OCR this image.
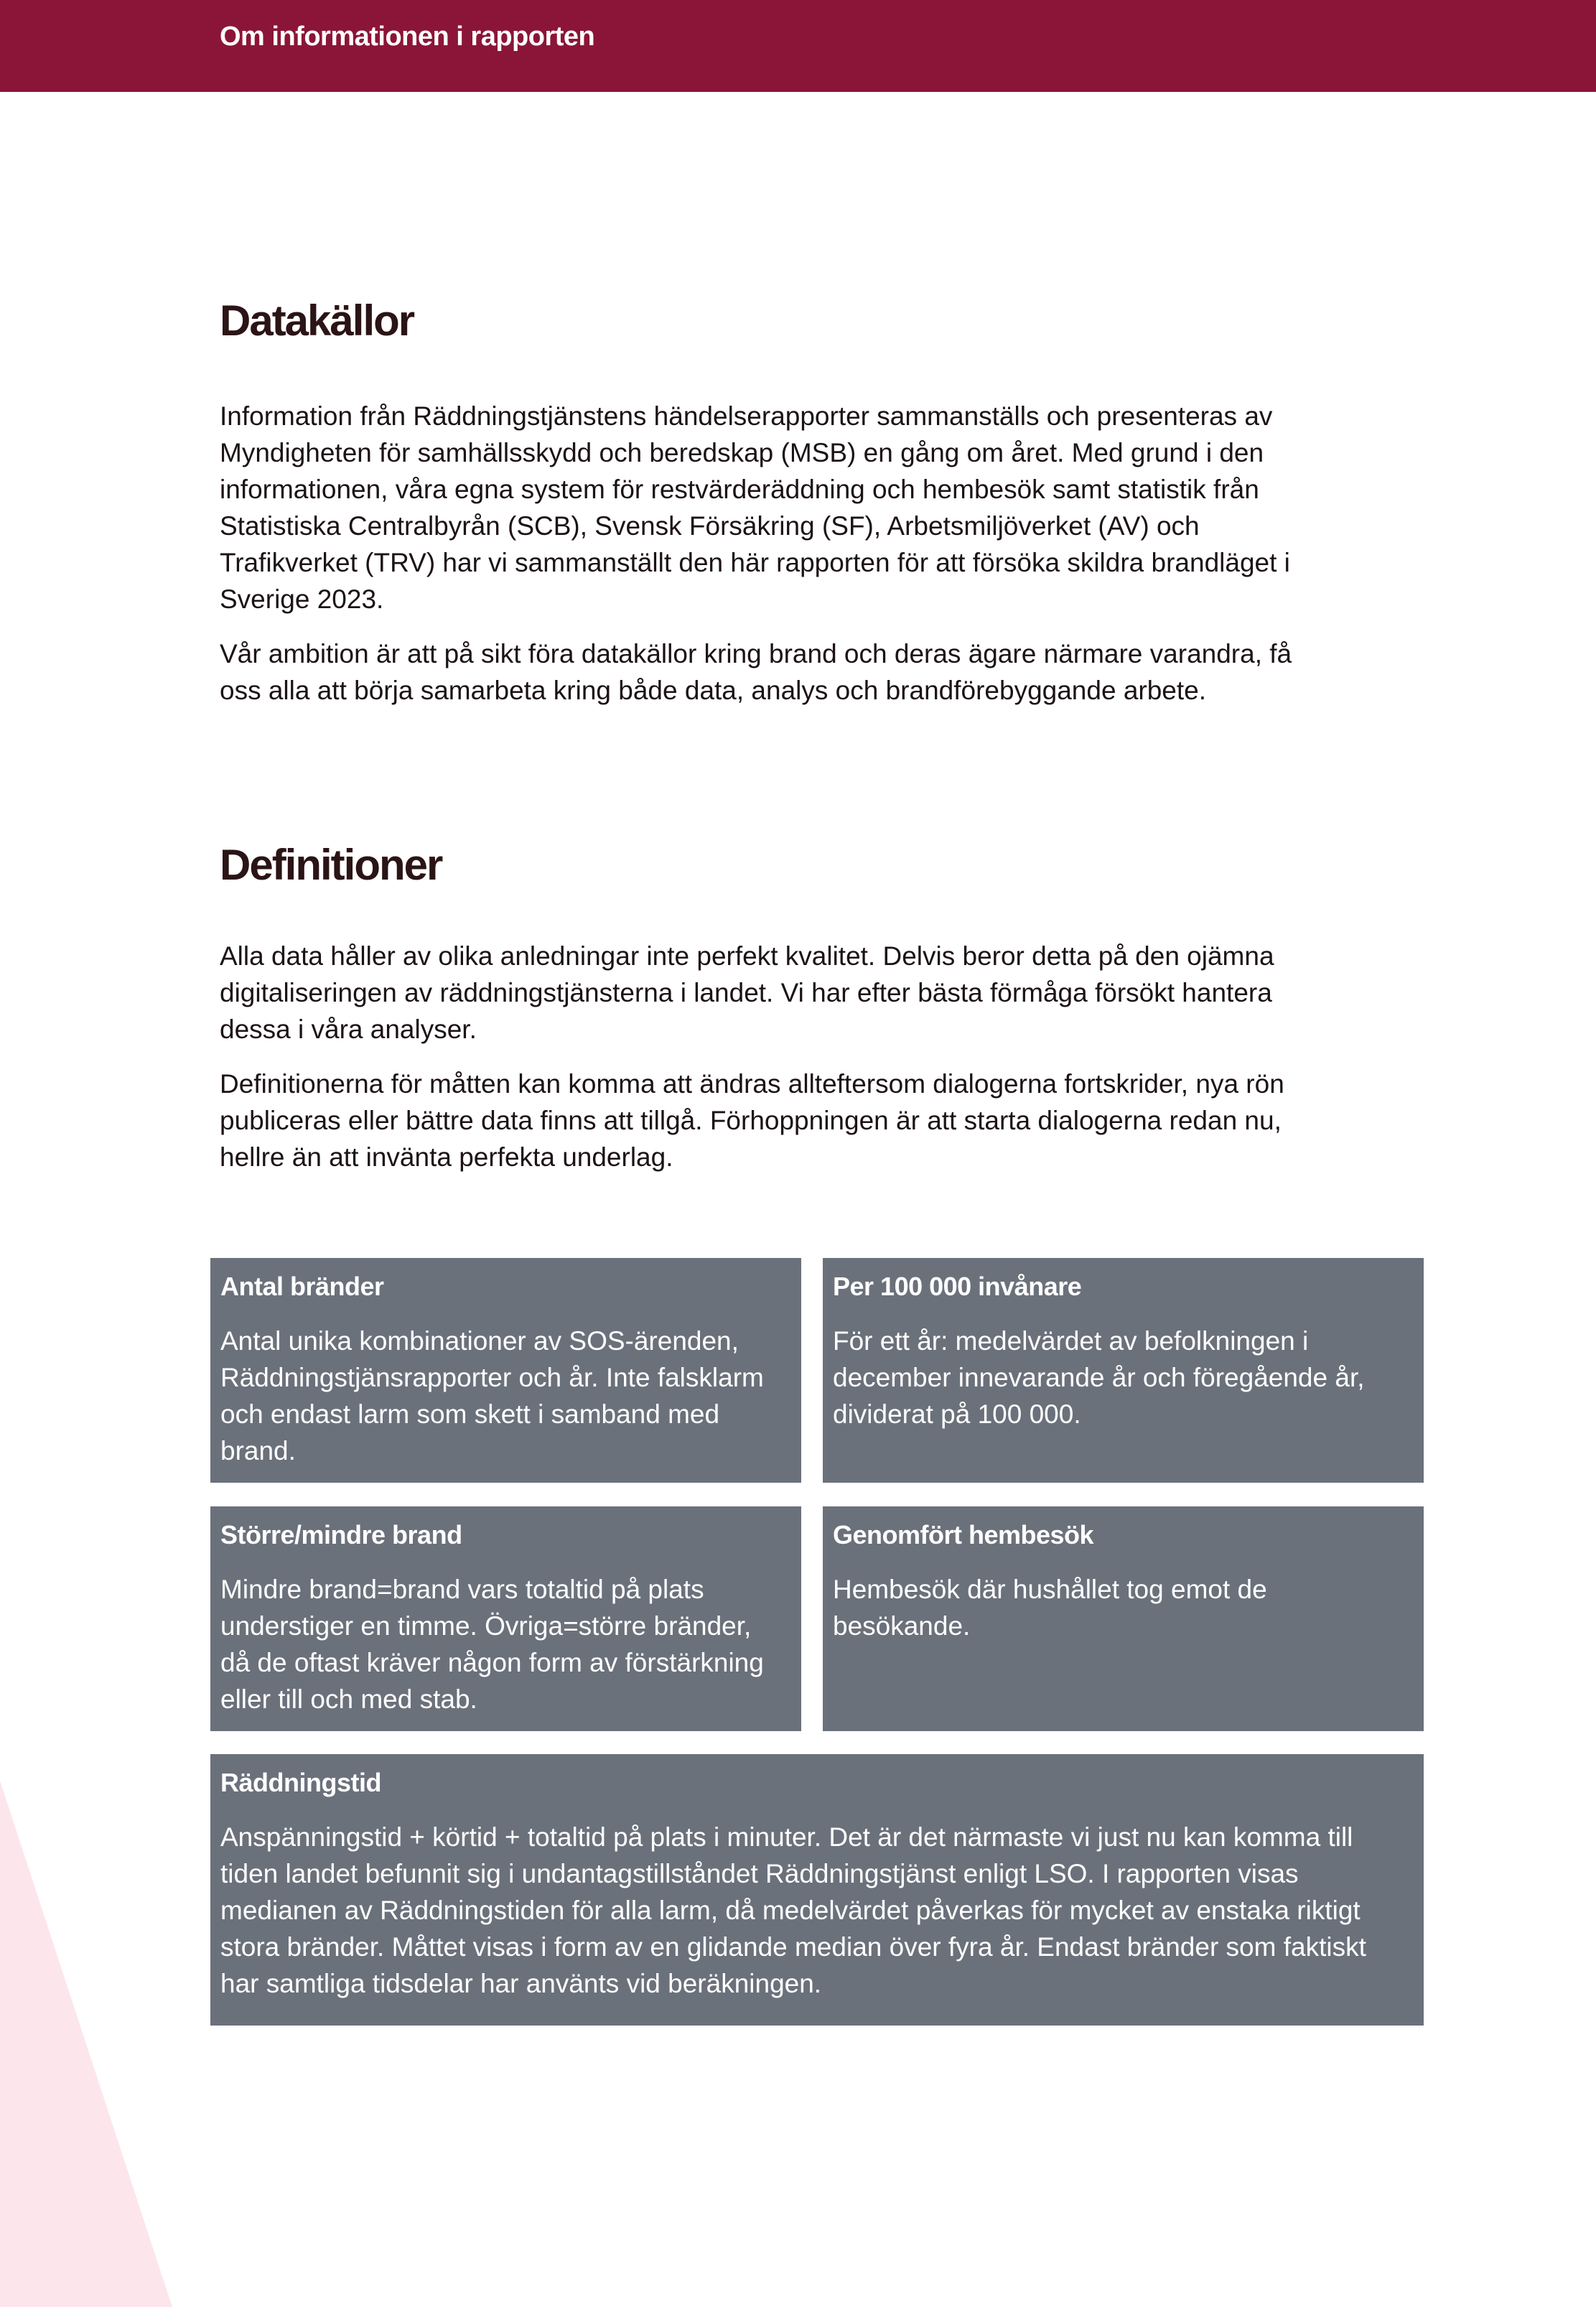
Om informationen i rapporten
Datakällor

Information från Räddningstjänstens händelserapporter sammanställs och presenteras av
Myndigheten för samhällsskydd och beredskap (MSB) en gång om året. Med grund i den
informationen, våra egna system för restvärderäddning och hembesök samt statistik från
Statistiska Centralbyrån (SCB), Svensk Försäkring (SF), Arbetsmiljöverket (AV) och
Trafikverket (TRV) har vi sammanställt den här rapporten för att försöka skildra brandläget i
Sverige 2023.

Vår ambition är att på sikt föra datakällor kring brand och deras ägare närmare varandra, få
oss alla att börja samarbeta kring både data, analys och brandförebyggande arbete.

Definitioner

Alla data håller av olika anledningar inte perfekt kvalitet. Delvis beror detta på den ojämna
digitaliseringen av räddningstjänsterna i landet. Vi har efter bästa förmåga försökt hantera
dessa i våra analyser.

Definitionerna för måtten kan komma att ändras allteftersom dialogerna fortskrider, nya rön
publiceras eller bättre data finns att tillgå. Förhoppningen är att starta dialogerna redan nu,
hellre än att invänta perfekta underlag.

Antal bränder
Antal unika kombinationer av SOS-ärenden,
Räddningstjänsrapporter och år. Inte falsklarm
och endast larm som skett i samband med
brand.
Per 100 000 invånare
För ett år: medelvärdet av befolkningen i
december innevarande år och föregående år,
dividerat på 100 000.
Större/mindre brand
Mindre brand=brand vars totaltid på plats
understiger en timme. Övriga=större bränder,
då de oftast kräver någon form av förstärkning
eller till och med stab.
Genomfört hembesök
Hembesök där hushållet tog emot de
besökande.
Räddningstid
Anspänningstid + körtid + totaltid på plats i minuter. Det är det närmaste vi just nu kan komma till
tiden landet befunnit sig i undantagstillståndet Räddningstjänst enligt LSO. I rapporten visas
medianen av Räddningstiden för alla larm, då medelvärdet påverkas för mycket av enstaka riktigt
stora bränder. Måttet visas i form av en glidande median över fyra år. Endast bränder som faktiskt
har samtliga tidsdelar har använts vid beräkningen.
